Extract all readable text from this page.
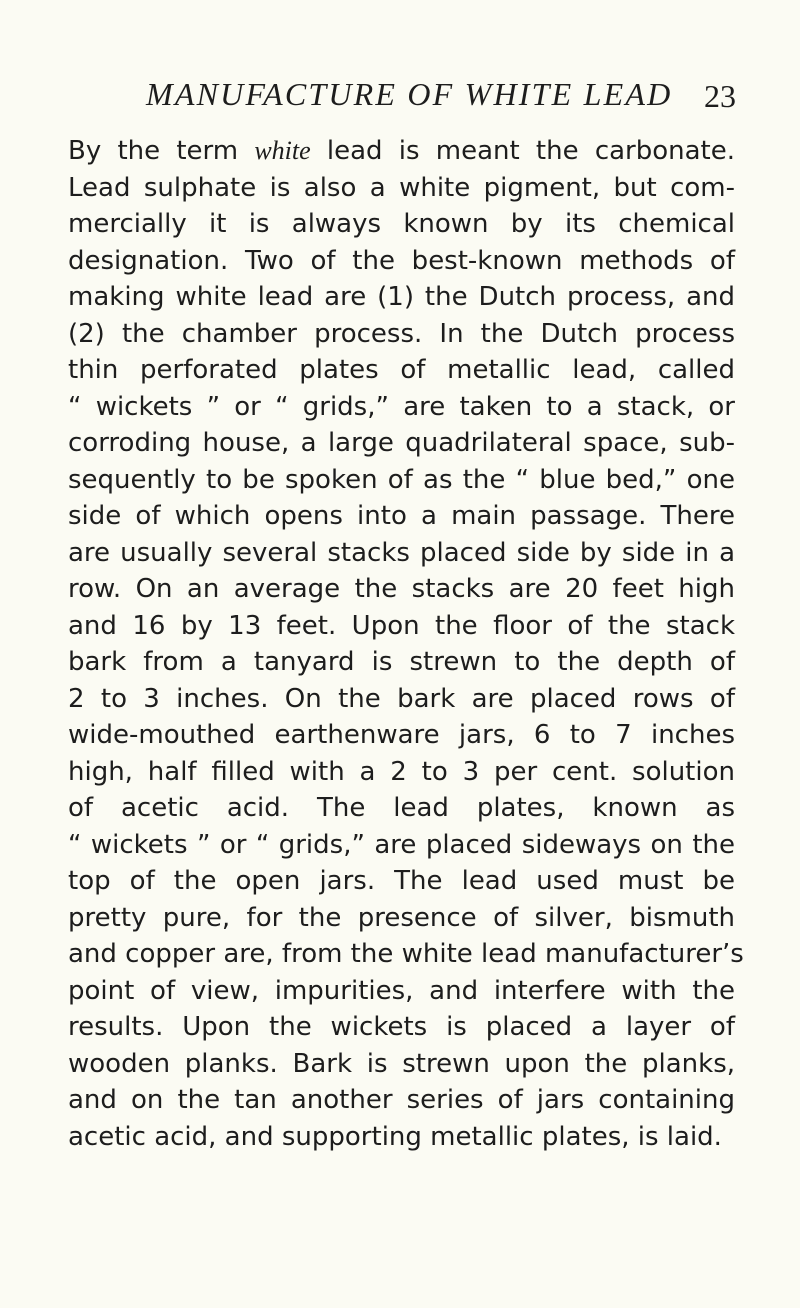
MANUFACTURE OF WHITE LEAD 23
By the term white lead is meant the carbonate.
Lead sulphate is also a white pigment, but com-
mercially it is always known by its chemical
designation. Two of the best-known methods of
making white lead are (1) the Dutch process, and
(2) the chamber process. In the Dutch process
thin perforated plates of metallic lead, called
“ wickets ” or “ grids,” are taken to a stack, or
corroding house, a large quadrilateral space, sub-
sequently to be spoken of as the “ blue bed,” one
side of which opens into a main passage. There
are usually several stacks placed side by side in a
row. On an average the stacks are 20 feet high
and 16 by 13 feet. Upon the floor of the stack
bark from a tanyard is strewn to the depth of
2 to 3 inches. On the bark are placed rows of
wide-mouthed earthenware jars, 6 to 7 inches
high, half filled with a 2 to 3 per cent. solution
of acetic acid. The lead plates, known as
“ wickets ” or “ grids,” are placed sideways on the
top of the open jars. The lead used must be
pretty pure, for the presence of silver, bismuth
and copper are, from the white lead manufacturer’s
point of view, impurities, and interfere with the
results. Upon the wickets is placed a layer of
wooden planks. Bark is strewn upon the planks,
and on the tan another series of jars containing
acetic acid, and supporting metallic plates, is laid.
